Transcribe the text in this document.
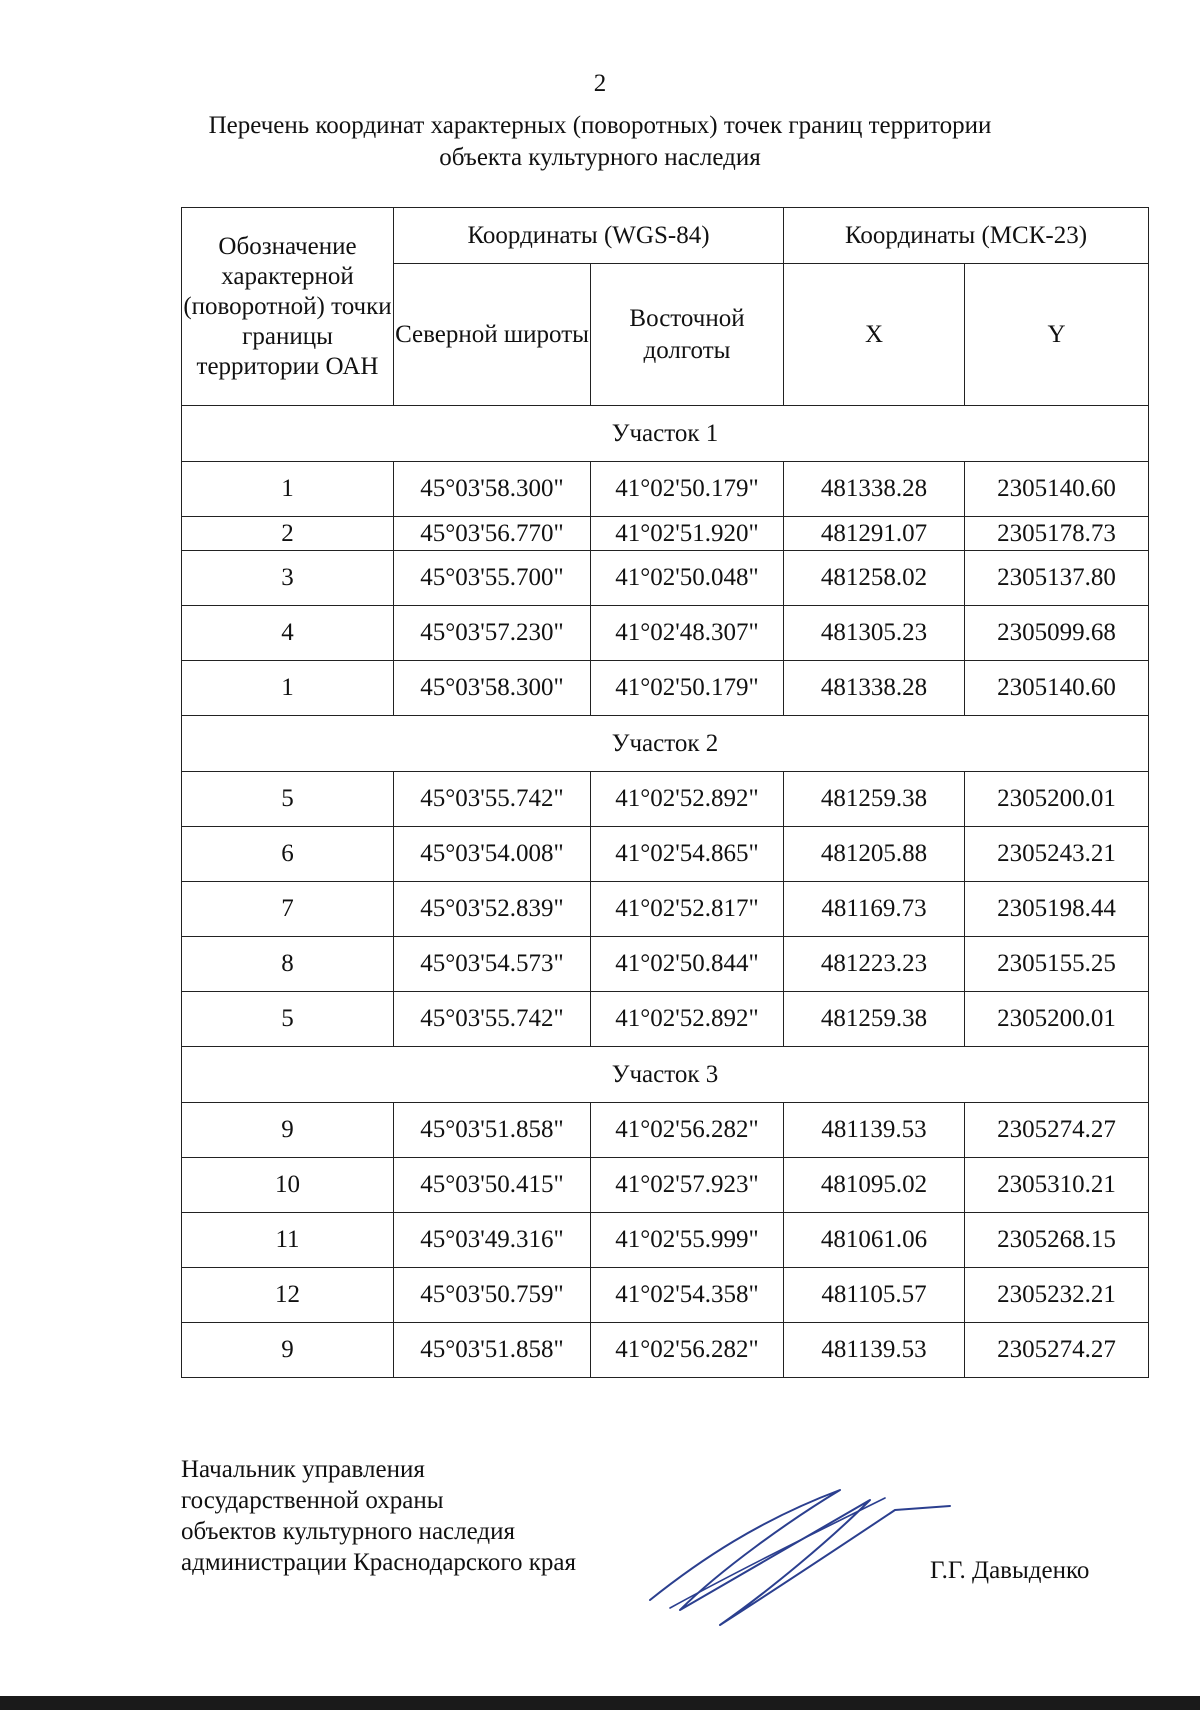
2
Перечень координат характерных (поворотных) точек границ территории
объекта культурного наследия
Обозначение характерной (поворотной) точки границы территории ОАН	Координаты (WGS-84)		Координаты (МСК-23)	
	Северной широты	Восточной долготы	X	Y
Участок 1				
1	45°03'58.300"	41°02'50.179"	481338.28	2305140.60
2	45°03'56.770"	41°02'51.920"	481291.07	2305178.73
3	45°03'55.700"	41°02'50.048"	481258.02	2305137.80
4	45°03'57.230"	41°02'48.307"	481305.23	2305099.68
1	45°03'58.300"	41°02'50.179"	481338.28	2305140.60
Участок 2				
5	45°03'55.742"	41°02'52.892"	481259.38	2305200.01
6	45°03'54.008"	41°02'54.865"	481205.88	2305243.21
7	45°03'52.839"	41°02'52.817"	481169.73	2305198.44
8	45°03'54.573"	41°02'50.844"	481223.23	2305155.25
5	45°03'55.742"	41°02'52.892"	481259.38	2305200.01
Участок 3				
9	45°03'51.858"	41°02'56.282"	481139.53	2305274.27
10	45°03'50.415"	41°02'57.923"	481095.02	2305310.21
11	45°03'49.316"	41°02'55.999"	481061.06	2305268.15
12	45°03'50.759"	41°02'54.358"	481105.57	2305232.21
9	45°03'51.858"	41°02'56.282"	481139.53	2305274.27
Начальник управления
государственной охраны
объектов культурного наследия
администрации Краснодарского края	Г.Г. Давыденко
